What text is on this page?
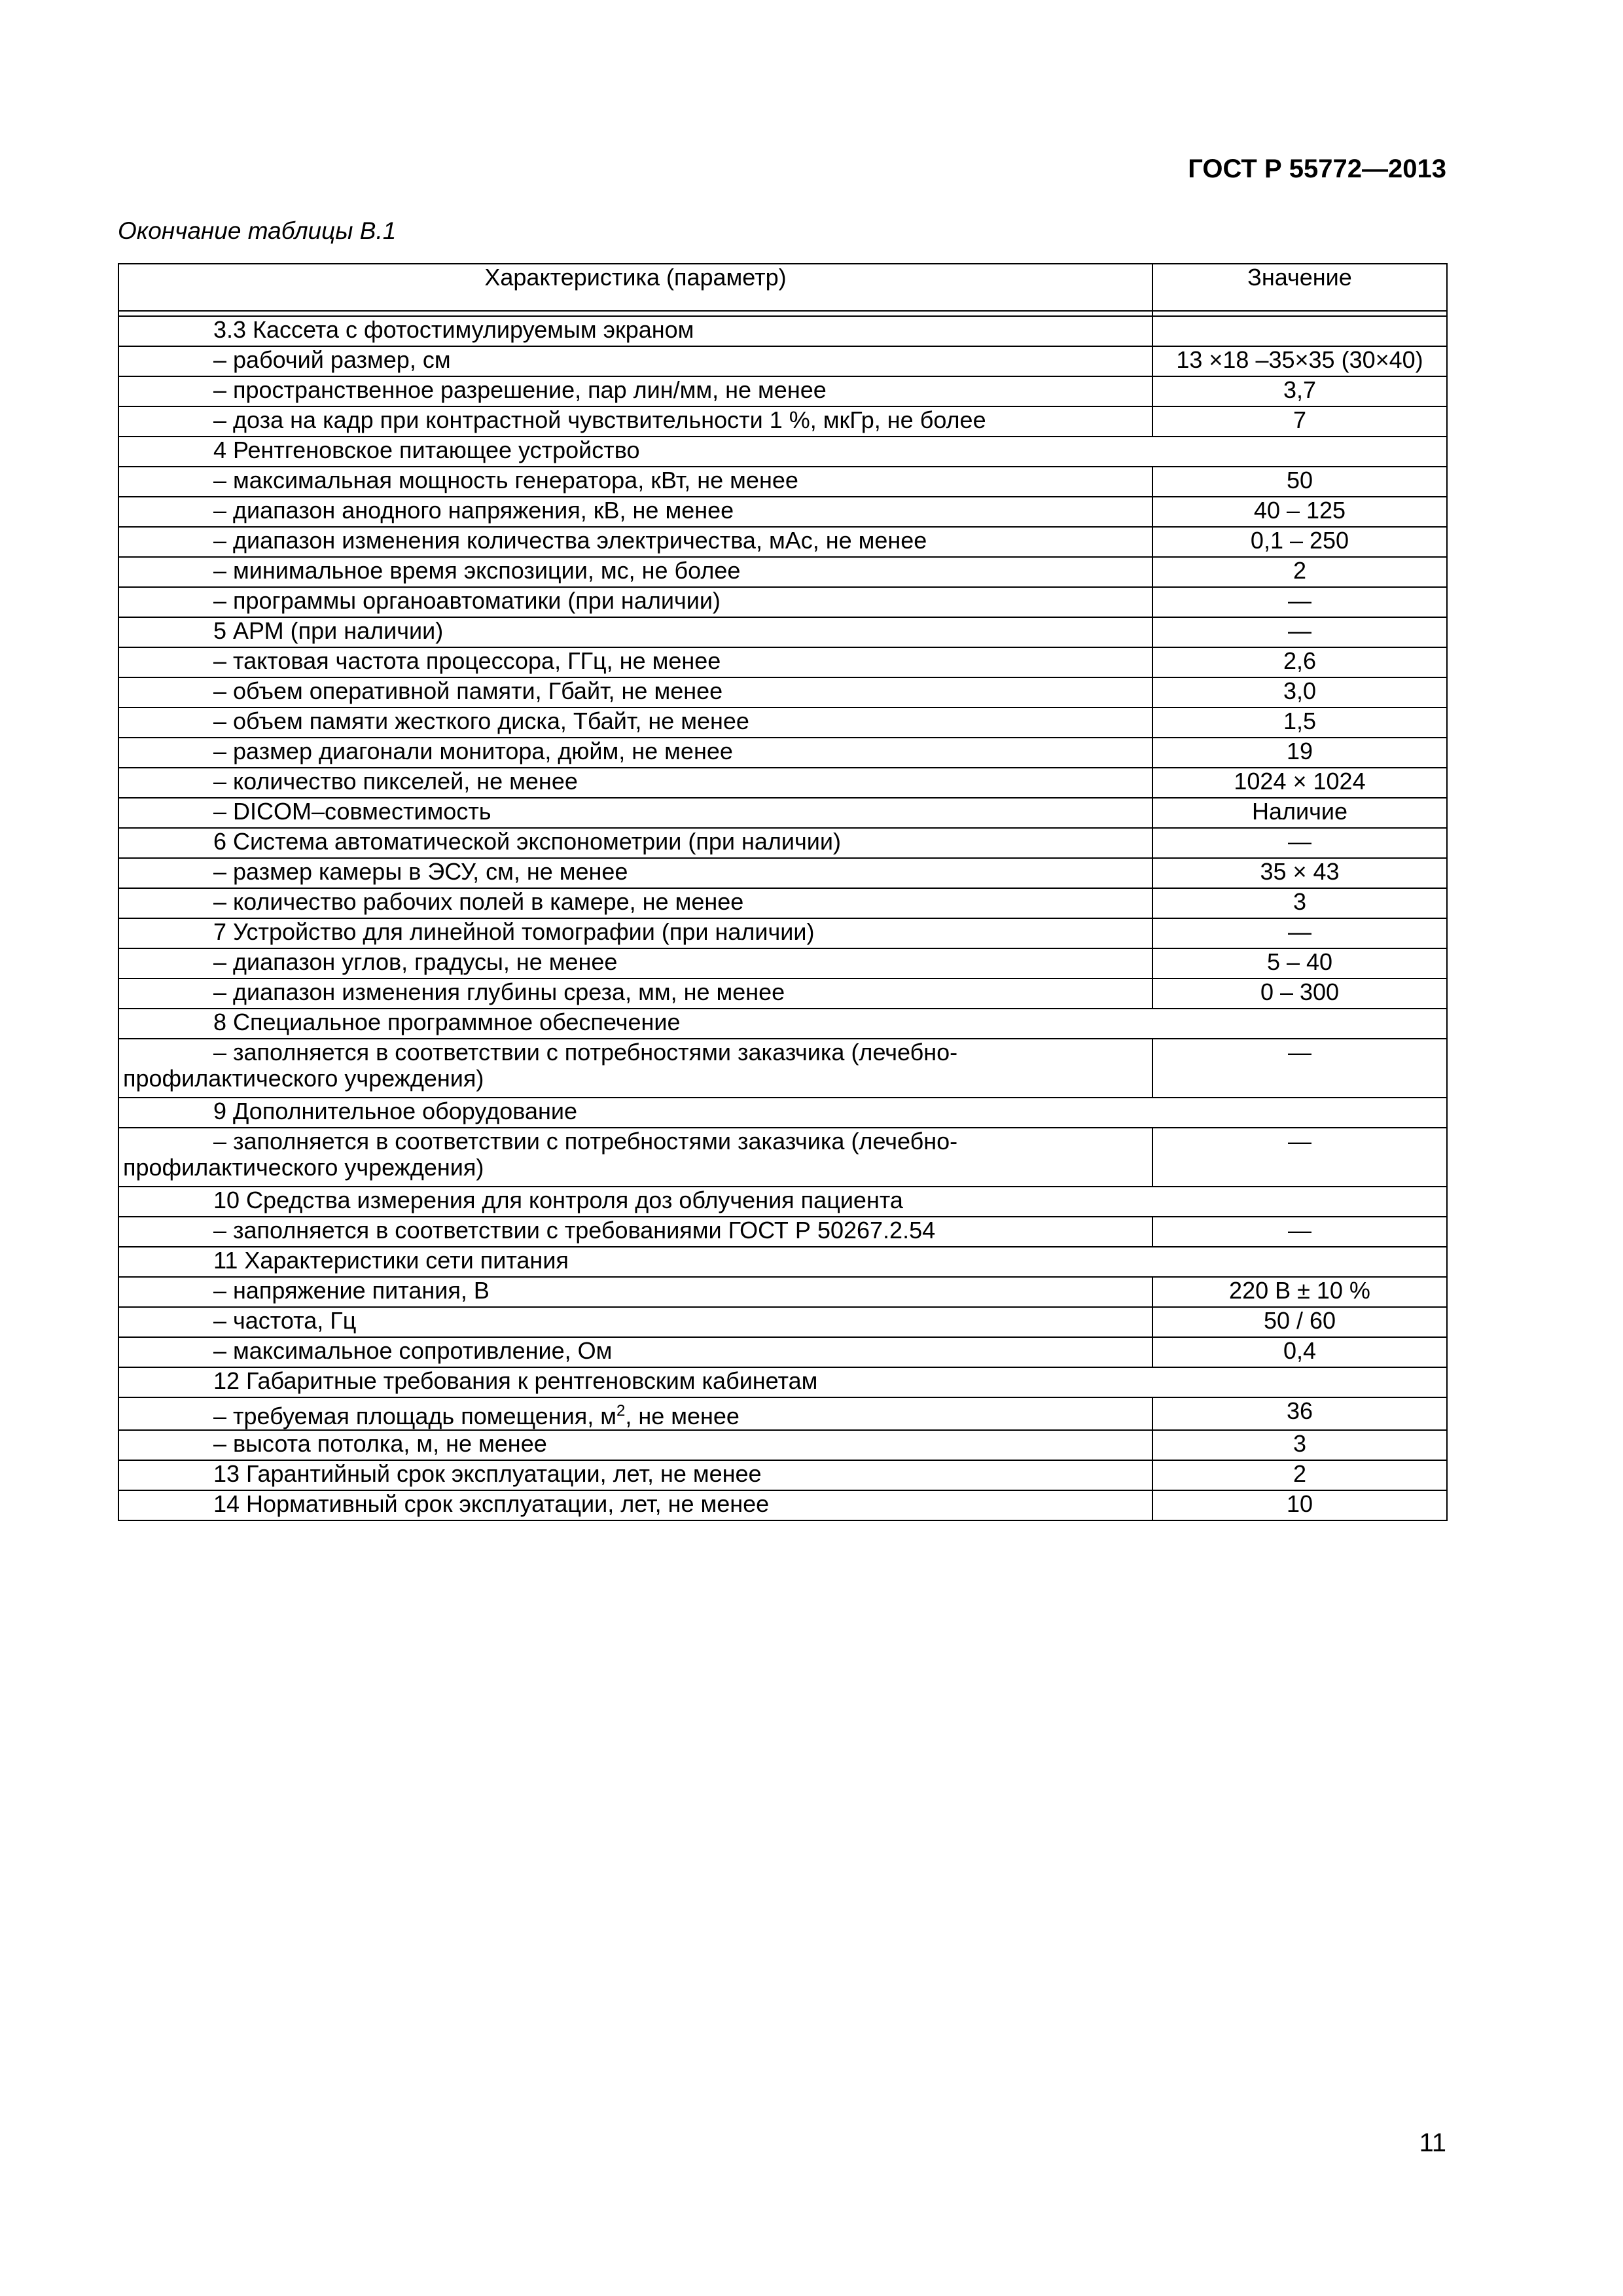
ГОСТ Р 55772—2013
Окончание таблицы В.1
Характеристика (параметр)	Значение

3.3 Кассета с фотостимулируемым экраном	
– рабочий размер, см	13 ×18 –35×35 (30×40)
– пространственное разрешение, пар лин/мм, не менее	3,7
– доза на кадр при контрастной чувствительности 1 %, мкГр, не более	7
4 Рентгеновское питающее устройство	
– максимальная мощность генератора, кВт, не менее	50
– диапазон анодного напряжения, кВ, не менее	40 – 125
– диапазон изменения количества электричества, мАс, не менее	0,1 – 250
– минимальное время экспозиции, мс, не более	2
– программы органоавтоматики (при наличии)	—
5 АРМ (при наличии)	—
– тактовая частота процессора, ГГц, не менее	2,6
– объем оперативной памяти, Гбайт, не менее	3,0
– объем памяти жесткого диска, Тбайт, не менее	1,5
– размер диагонали монитора, дюйм, не менее	19
– количество пикселей, не менее	1024 × 1024
– DICOM–совместимость	Наличие
6 Система автоматической экспонометрии (при наличии)	—
– размер камеры в ЭСУ, см, не менее	35 × 43
– количество рабочих полей в камере, не менее	3
7 Устройство для линейной томографии (при наличии)	—
– диапазон углов, градусы, не менее	5 – 40
– диапазон изменения глубины среза, мм, не менее	0 – 300
8 Специальное программное обеспечение	
– заполняется в соответствии с потребностями заказчика (лечебно-
профилактического учреждения)	—
9 Дополнительное оборудование	
– заполняется в соответствии с потребностями заказчика (лечебно-
профилактического учреждения)	—
10 Средства измерения для контроля доз облучения пациента	
– заполняется в соответствии с требованиями ГОСТ Р 50267.2.54	—
11 Характеристики сети питания	
– напряжение питания, В	220 В ± 10 %
– частота, Гц	50 / 60
– максимальное сопротивление, Ом	0,4
12 Габаритные требования к рентгеновским кабинетам	
– требуемая площадь помещения, $м^2$, не менее	36
– высота потолка, м, не менее	3
13 Гарантийный срок эксплуатации, лет, не менее	2
14 Нормативный срок эксплуатации, лет, не менее	10
11
